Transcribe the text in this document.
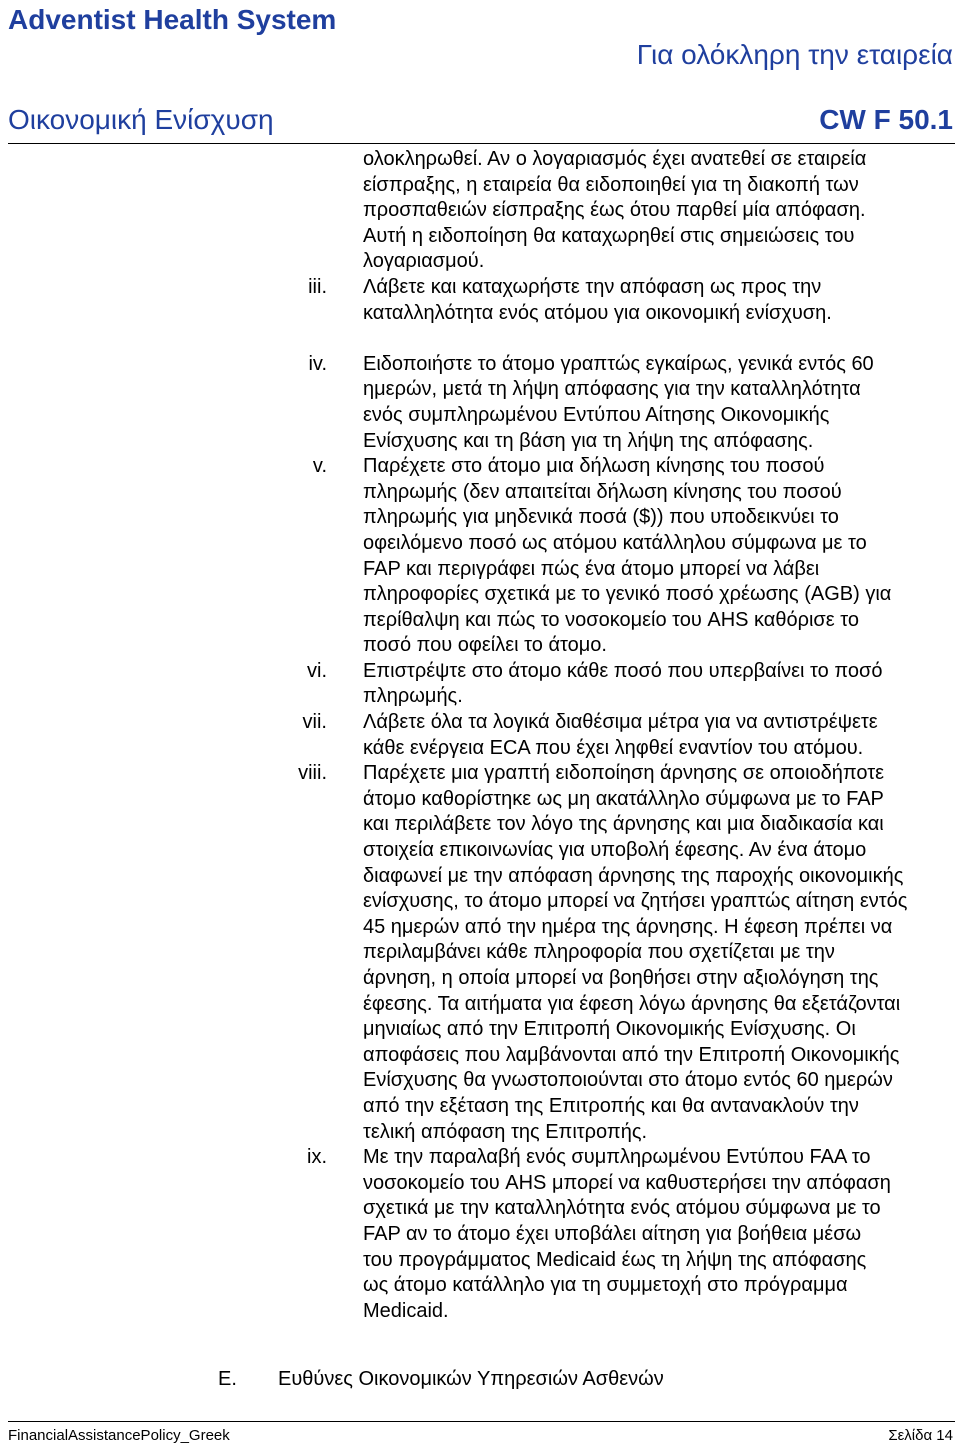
Adventist Health System
Για ολόκληρη την εταιρεία
Οικονομική Ενίσχυση	CW F 50.1
ολοκληρωθεί. Αν ο λογαριασμός έχει ανατεθεί σε εταιρεία
είσπραξης, η εταιρεία θα ειδοποιηθεί για τη διακοπή των
προσπαθειών είσπραξης έως ότου παρθεί μία απόφαση.
Αυτή η ειδοποίηση θα καταχωρηθεί στις σημειώσεις του
λογαριασμού.
iii. Λάβετε και καταχωρήστε την απόφαση ως προς την
καταλληλότητα ενός ατόμου για οικονομική ενίσχυση.
iv. Ειδοποιήστε το άτομο γραπτώς εγκαίρως, γενικά εντός 60
ημερών, μετά τη λήψη απόφασης για την καταλληλότητα
ενός συμπληρωμένου Εντύπου Αίτησης Οικονομικής
Ενίσχυσης και τη βάση για τη λήψη της απόφασης.
v. Παρέχετε στο άτομο μια δήλωση κίνησης του ποσού
πληρωμής (δεν απαιτείται δήλωση κίνησης του ποσού
πληρωμής για μηδενικά ποσά ($)) που υποδεικνύει το
οφειλόμενο ποσό ως ατόμου κατάλληλου σύμφωνα με το
FAP και περιγράφει πώς ένα άτομο μπορεί να λάβει
πληροφορίες σχετικά με το γενικό ποσό χρέωσης (AGB) για
περίθαλψη και πώς το νοσοκομείο του AHS καθόρισε το
ποσό που οφείλει το άτομο.
vi. Επιστρέψτε στο άτομο κάθε ποσό που υπερβαίνει το ποσό
πληρωμής.
vii. Λάβετε όλα τα λογικά διαθέσιμα μέτρα για να αντιστρέψετε
κάθε ενέργεια ECA που έχει ληφθεί εναντίον του ατόμου.
viii. Παρέχετε μια γραπτή ειδοποίηση άρνησης σε οποιοδήποτε
άτομο καθορίστηκε ως μη ακατάλληλο σύμφωνα με το FAP
και περιλάβετε τον λόγο της άρνησης και μια διαδικασία και
στοιχεία επικοινωνίας για υποβολή έφεσης. Αν ένα άτομο
διαφωνεί με την απόφαση άρνησης της παροχής οικονομικής
ενίσχυσης, το άτομο μπορεί να ζητήσει γραπτώς αίτηση εντός
45 ημερών από την ημέρα της άρνησης. Η έφεση πρέπει να
περιλαμβάνει κάθε πληροφορία που σχετίζεται με την
άρνηση, η οποία μπορεί να βοηθήσει στην αξιολόγηση της
έφεσης. Τα αιτήματα για έφεση λόγω άρνησης θα εξετάζονται
μηνιαίως από την Επιτροπή Οικονομικής Ενίσχυσης. Οι
αποφάσεις που λαμβάνονται από την Επιτροπή Οικονομικής
Ενίσχυσης θα γνωστοποιούνται στο άτομο εντός 60 ημερών
από την εξέταση της Επιτροπής και θα αντανακλούν την
τελική απόφαση της Επιτροπής.
ix. Με την παραλαβή ενός συμπληρωμένου Εντύπου FAA το
νοσοκομείο του AHS μπορεί να καθυστερήσει την απόφαση
σχετικά με την καταλληλότητα ενός ατόμου σύμφωνα με το
FAP αν το άτομο έχει υποβάλει αίτηση για βοήθεια μέσω
του προγράμματος Medicaid έως τη λήψη της απόφασης
ως άτομο κατάλληλο για τη συμμετοχή στο πρόγραμμα
Medicaid.
E. Ευθύνες Οικονομικών Υπηρεσιών Ασθενών
FinancialAssistancePolicy_Greek	Σελίδα 14
